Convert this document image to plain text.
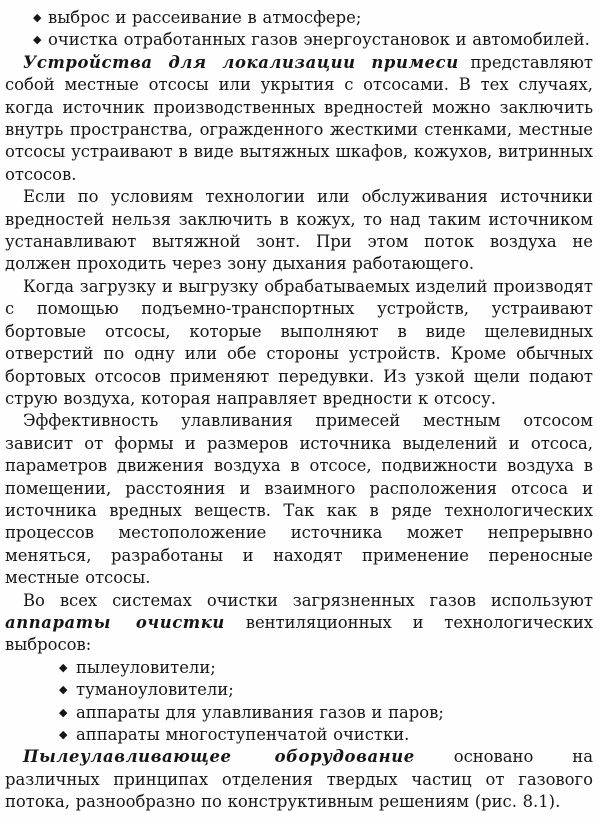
◆ выброс и рассеивание в атмосфере;
◆ очистка отработанных газов энергоустановок и автомобилей.

Устройства для локализации примеси представляют собой местные отсосы или укрытия с отсосами. В тех случаях, когда источник производственных вредностей можно заключить внутрь пространства, огражденного жесткими стенками, местные отсосы устраивают в виде вытяжных шкафов, кожухов, витринных отсосов.

Если по условиям технологии или обслуживания источники вредностей нельзя заключить в кожух, то над таким источником устанавливают вытяжной зонт. При этом поток воздуха не должен проходить через зону дыхания работающего.

Когда загрузку и выгрузку обрабатываемых изделий производят с помощью подъемно-транспортных устройств, устраивают бортовые отсосы, которые выполняют в виде щелевидных отверстий по одну или обе стороны устройств. Кроме обычных бортовых отсосов применяют передувки. Из узкой щели подают струю воздуха, которая направляет вредности к отсосу.

Эффективность улавливания примесей местным отсосом зависит от формы и размеров источника выделений и отсоса, параметров движения воздуха в отсосе, подвижности воздуха в помещении, расстояния и взаимного расположения отсоса и источника вредных веществ. Так как в ряде технологических процессов местоположение источника может непрерывно меняться, разработаны и находят применение переносные местные отсосы.

Во всех системах очистки загрязненных газов используют аппараты очистки вентиляционных и технологических выбросов:

◆ пылеуловители;
◆ туманоуловители;
◆ аппараты для улавливания газов и паров;
◆ аппараты многоступенчатой очистки.

Пылеулавливающее оборудование основано на различных принципах отделения твердых частиц от газового потока, разнообразно по конструктивным решениям (рис. 8.1).
